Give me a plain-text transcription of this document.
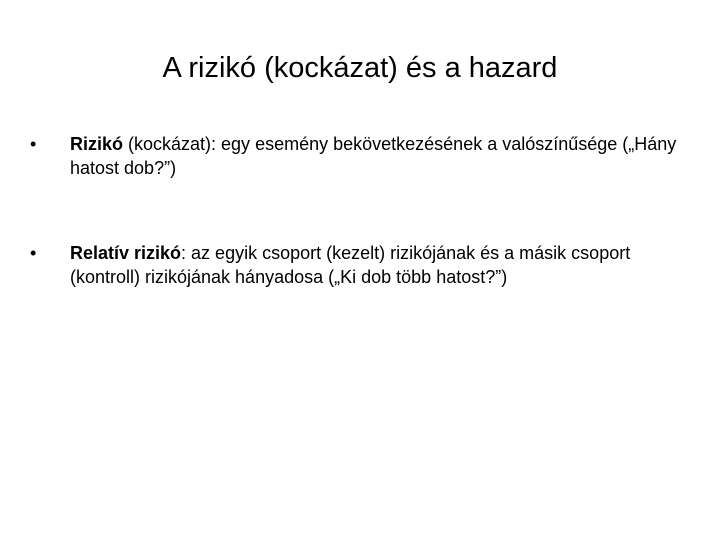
A rizikó (kockázat) és a hazard
•	Rizikó (kockázat): egy esemény bekövetkezésének a valószínűsége („Hány hatost dob?”)
•	Relatív rizikó: az egyik csoport (kezelt) rizikójának és a másik csoport (kontroll) rizikójának hányadosa („Ki dob több hatost?”)
